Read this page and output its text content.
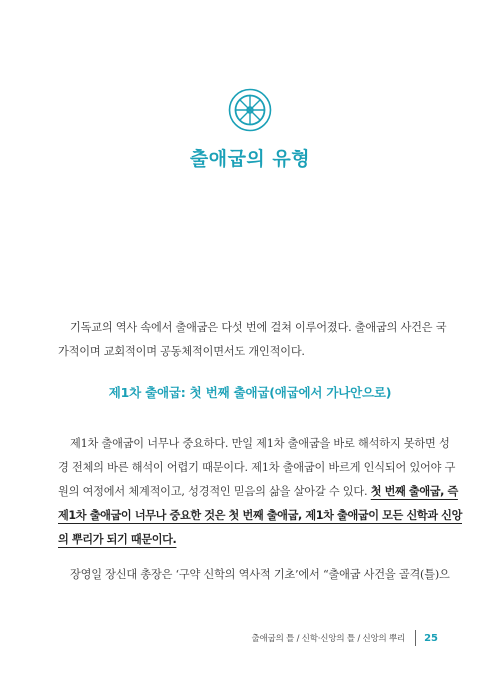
출애굽의 유형

기독교의 역사 속에서 출애굽은 다섯 번에 걸쳐 이루어졌다. 출애굽의 사건은 국
가적이며 교회적이며 공동체적이면서도 개인적이다.

제1차 출애굽: 첫 번째 출애굽(애굽에서 가나안으로)

제1차 출애굽이 너무나 중요하다. 만일 제1차 출애굽을 바로 해석하지 못하면 성
경 전체의 바른 해석이 어렵기 때문이다. 제1차 출애굽이 바르게 인식되어 있어야 구
원의 여정에서 체계적이고, 성경적인 믿음의 삶을 살아갈 수 있다. 첫 번째 출애굽, 즉
제1차 출애굽이 너무나 중요한 것은 첫 번째 출애굽, 제1차 출애굽이 모든 신학과 신앙
의 뿌리가 되기 때문이다.

장영일 장신대 총장은 ‘구약 신학의 역사적 기초’에서 “출애굽 사건을 골격(틀)으

출애굽의 틀 / 신학·신앙의 틀 / 신앙의 뿌리 25
